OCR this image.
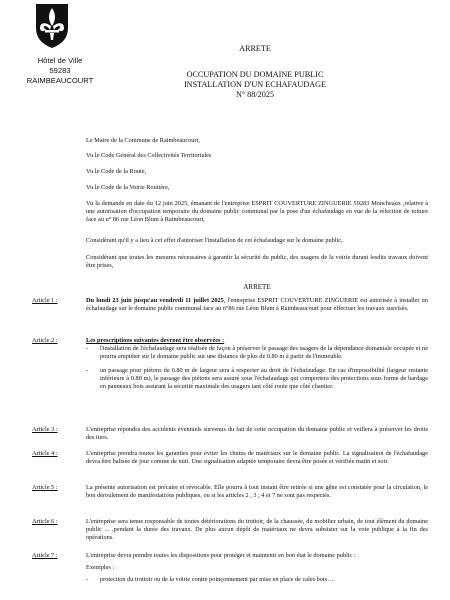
Hôtel de Ville
59283 RAIMBEAUCOURT
ARRETE
OCCUPATION DU DOMAINE PUBLIC
INSTALLATION D'UN ECHAFAUDAGE
N° 88/2025
Le Maire de la Commune de Raimbeaucourt,
Vu le Code Général des Collectivités Territoriales
Vu le Code de la Route,
Vu le Code de la Voirie Routière,
Vu la demande en date du 12 juin 2025, émanant de l'entreprise ESPRIT COUVERTURE ZINGUERIE 59283 Moncheaux ,relative à une autorisation d'occupation temporaire du domaine public communal par la pose d'un échafaudage en vue de la réfection de toiture face au n° 86 rue Léon Blum à Raimbeaucourt,
Considérant qu'il y a lieu à cet effet d'autoriser l'installation de cet échafaudage sur le domaine public,
Considérant que toutes les mesures nécessaires à garantir la sécurité du public, des usagers de la voirie durant lesdits travaux doivent être prises,
ARRETE
Article 1 :	Du lundi 23 juin jusqu'au vendredi 11 juillet 2025, l'entreprise ESPRIT COUVERTURE ZINGUERIE est autorisée à installer un échafaudage sur le domaine public communal face au n°86 rue Léon Blum à Raimbeaucourt pour effectuer les travaux susvisés.
Article 2 :	Les prescriptions suivantes devront être observées :
- l'installation de l'échafaudage sera réalisée de façon à préserver le passage des usagers de la dépendance domaniale occupée et ne pourra empiéter sur le domaine public sur une distance de plus de 0.80 m à partir de l'immeuble.
- un passage pour piétons de 0.80 m de largeur sera à respecter au droit de l'échafaudage. En cas d'impossibilité (largeur restante inférieure à 0.80 m), le passage des piétons sera assuré sous l'échafaudage qui comportera des protections sous forme de bardage en panneaux bois assurant la sécurité maximale des usagers tant côté route que côté chantier.
Article 3 :	L'entreprise répondra des accidents éventuels survenus du fait de cette occupation du domaine public et veillera à préserver les droits des tiers.
Article 4 :	L'entreprise prendra toutes les garanties pour éviter les chutes de matériaux sur le domaine public. La signalisation de l'échafaudage devra être balisée de jour comme de nuit. Une signalisation adaptée temporaire devra être posée et vérifiée matin et soir.
Article 5 :	La présente autorisation est précaire et révocable. Elle pourra à tout instant être retirée si une gêne est constatée pour la circulation, le bon déroulement de manifestations publiques, ou si les articles 2 , 3 , 4 et 7 ne sont pas respectés.
Article 6 :	L'entreprise sera tenue responsable de toutes détériorations du trottoir, de la chaussée, du mobilier urbain, de tout élément du domaine public ... ,pendant la durée des travaux. De plus aucun dépôt de matériaux ne devra subsister sur la voie publique à la fin des opérations.
Article 7 :	L'entreprise devra prendre toutes les dispositions pour protéger et maintenir en bon état le domaine public :
Exemples :
- protection du trottoir ou de la voirie contre poinçonnement par mise en place de cales bois…
